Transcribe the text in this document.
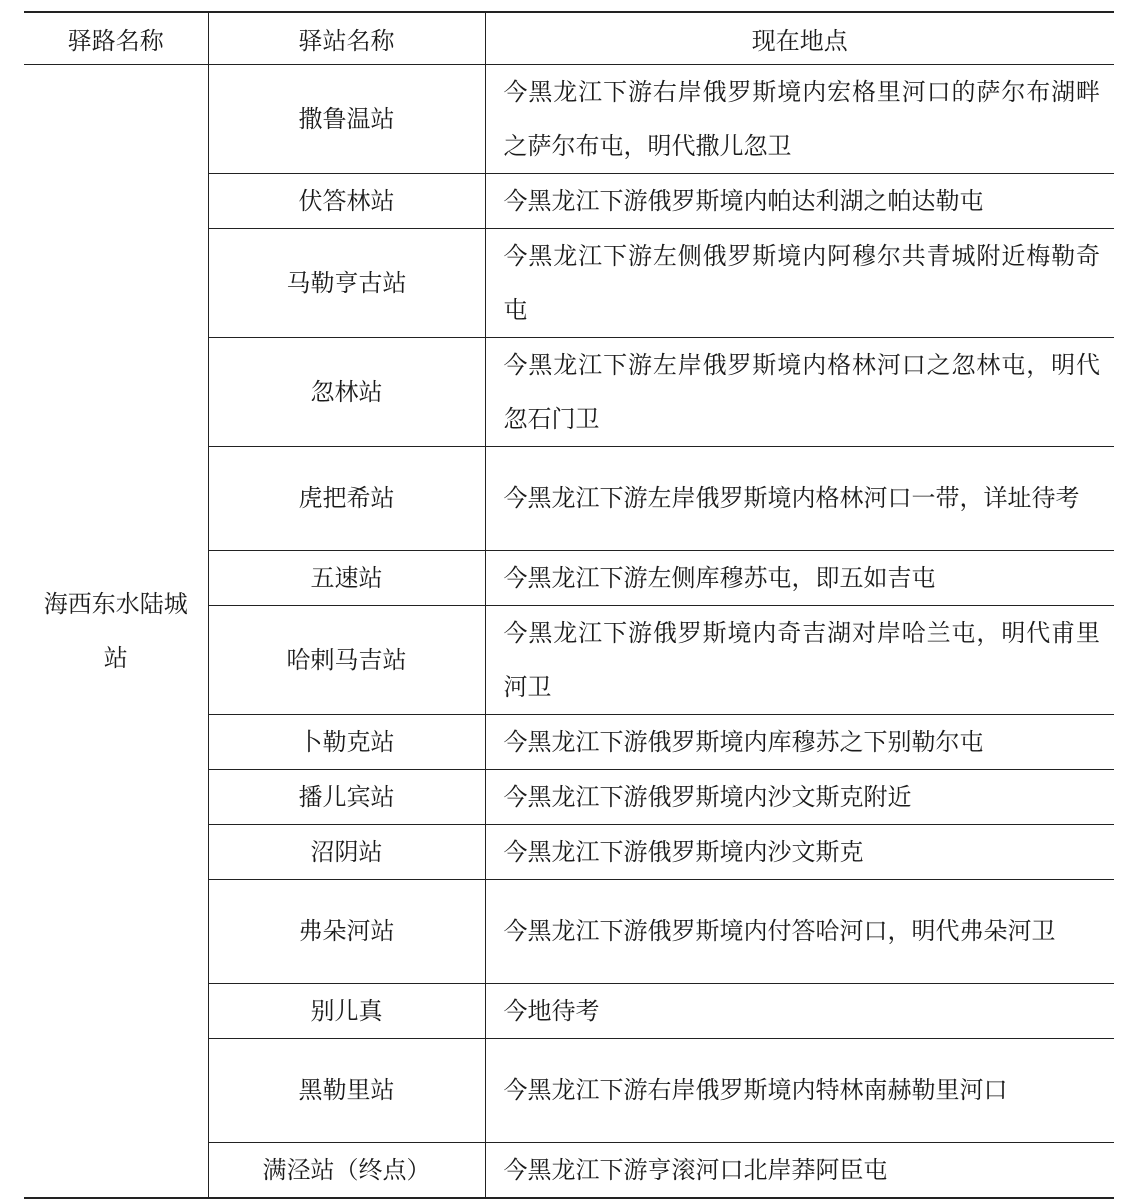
驿路名称	驿站名称	现在地点
海西东水陆城站	撒鲁温站	今黑龙江下游右岸俄罗斯境内宏格里河口的萨尔布湖畔之萨尔布屯，明代撒儿忽卫
	伏答林站	今黑龙江下游俄罗斯境内帕达利湖之帕达勒屯
	马勒亨古站	今黑龙江下游左侧俄罗斯境内阿穆尔共青城附近梅勒奇屯
	忽林站	今黑龙江下游左岸俄罗斯境内格林河口之忽林屯，明代忽石门卫
	虎把希站	今黑龙江下游左岸俄罗斯境内格林河口一带，详址待考
	五速站	今黑龙江下游左侧库穆苏屯，即五如吉屯
	哈剌马吉站	今黑龙江下游俄罗斯境内奇吉湖对岸哈兰屯，明代甫里河卫
	卜勒克站	今黑龙江下游俄罗斯境内库穆苏之下别勒尔屯
	播儿宾站	今黑龙江下游俄罗斯境内沙文斯克附近
	沼阴站	今黑龙江下游俄罗斯境内沙文斯克
	弗朵河站	今黑龙江下游俄罗斯境内付答哈河口，明代弗朵河卫
	别儿真	今地待考
	黑勒里站	今黑龙江下游右岸俄罗斯境内特林南赫勒里河口
	满泾站（终点）	今黑龙江下游亨滚河口北岸莽阿臣屯
